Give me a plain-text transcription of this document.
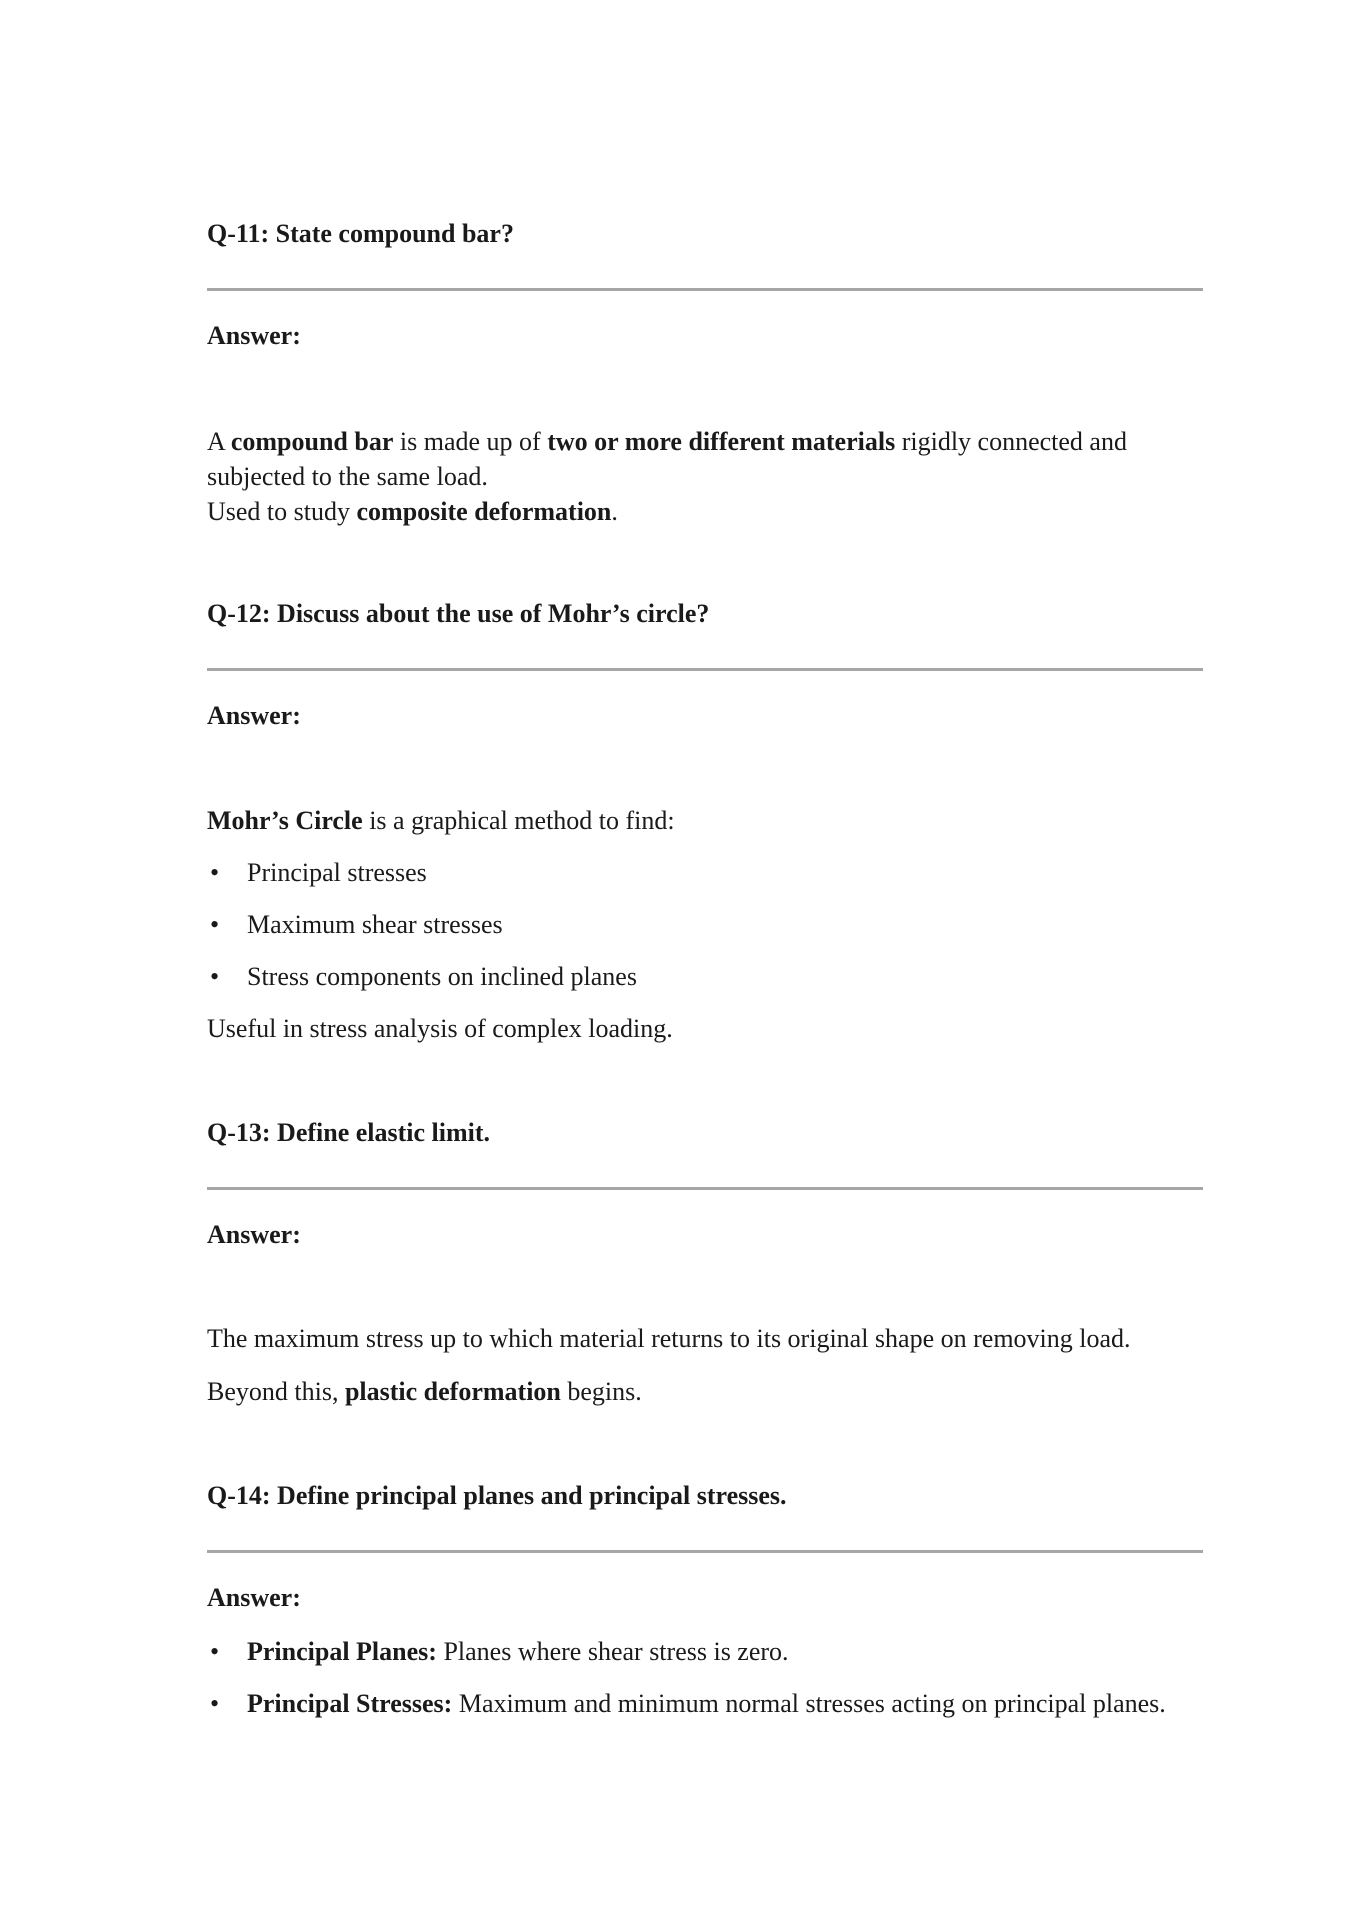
Q-11: State compound bar?

Answer:

A compound bar is made up of two or more different materials rigidly connected and subjected to the same load.

Used to study composite deformation.

Q-12: Discuss about the use of Mohr’s circle?

Answer:

Mohr’s Circle is a graphical method to find:

• Principal stresses
• Maximum shear stresses
• Stress components on inclined planes

Useful in stress analysis of complex loading.

Q-13: Define elastic limit.

Answer:

The maximum stress up to which material returns to its original shape on removing load.

Beyond this, plastic deformation begins.

Q-14: Define principal planes and principal stresses.

Answer:

• Principal Planes: Planes where shear stress is zero.
• Principal Stresses: Maximum and minimum normal stresses acting on principal planes.
